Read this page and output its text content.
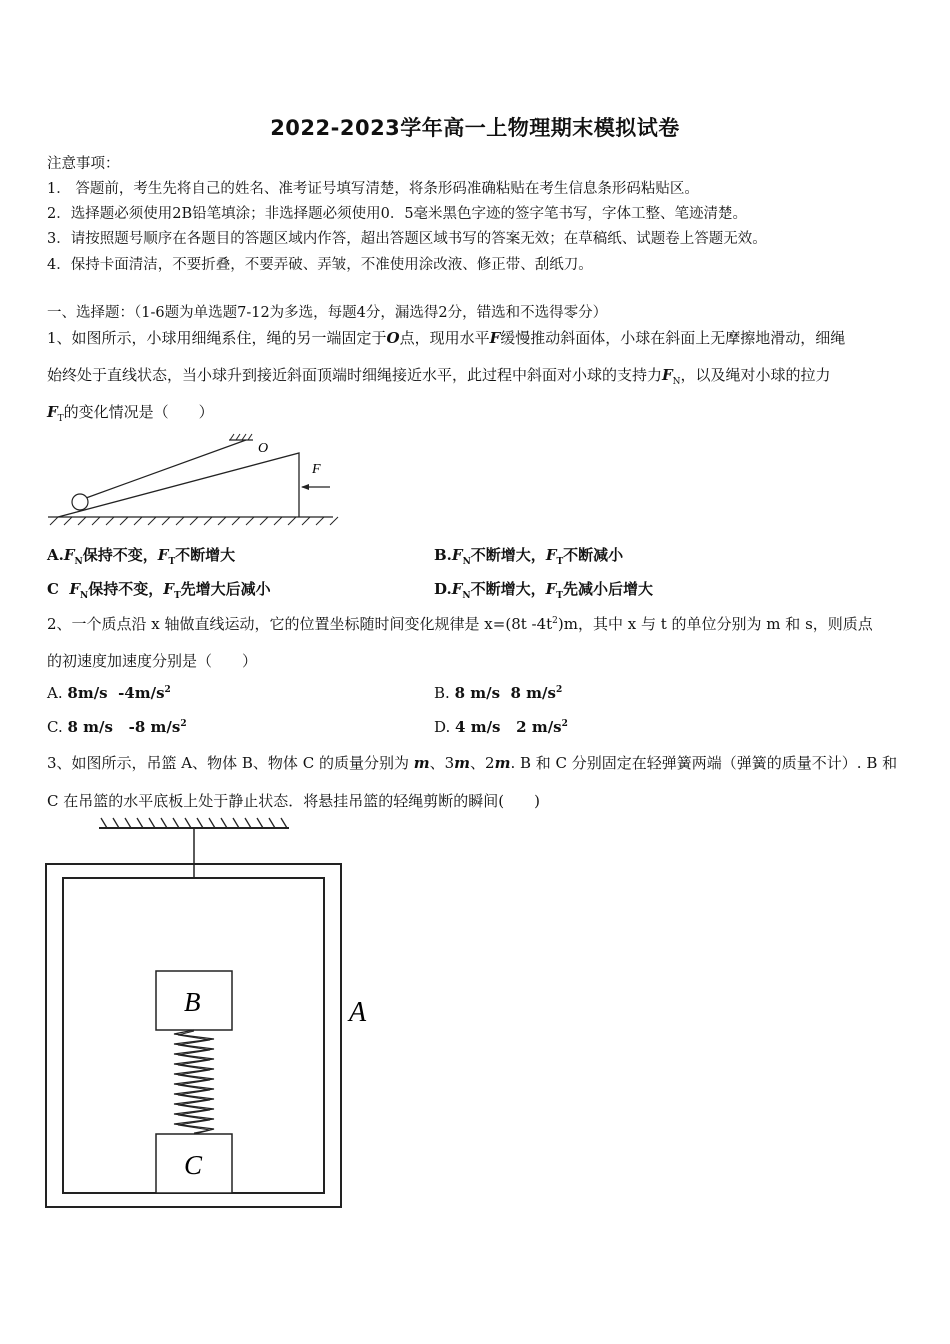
2022-2023学年高一上物理期末模拟试卷
注意事项：
1． 答题前，考生先将自己的姓名、准考证号填写清楚，将条形码准确粘贴在考生信息条形码粘贴区。
2．选择题必须使用2B铅笔填涂；非选择题必须使用0．5毫米黑色字迹的签字笔书写，字体工整、笔迹清楚。
3．请按照题号顺序在各题目的答题区域内作答，超出答题区域书写的答案无效；在草稿纸、试题卷上答题无效。
4．保持卡面清洁，不要折叠，不要弄破、弄皱，不准使用涂改液、修正带、刮纸刀。
一、选择题：（1-6题为单选题7-12为多选，每题4分，漏选得2分，错选和不选得零分）
1、如图所示，小球用细绳系住，绳的另一端固定于O点，现用水平F缓慢推动斜面体，小球在斜面上无摩擦地滑动，细绳
始终处于直线状态，当小球升到接近斜面顶端时细绳接近水平，此过程中斜面对小球的支持力$F_N$，以及绳对小球的拉力
$F_T$的变化情况是（　　）
O
F
$A.F_N$保持不变，$F_T$不断增大	$B.F_N$不断增大，$F_T$不断减小
C  $F_N$保持不变，$F_T$先增大后减小	$D.F_N$不断增大，$F_T$先减小后增大
2、一个质点沿 x 轴做直线运动，它的位置坐标随时间变化规律是 x=(8t $-4t^2)m$，其中 x 与 t 的单位分别为 m 和 s，则质点
的初速度加速度分别是（　　）
A. 8m/s  $-4m/s^2$	B. 8 m/s  8 $m/s^2$
C. 8 m/s   -8 $m/s^2$	D. 4 m/s   2 $m/s^2$
3、如图所示，吊篮 A、物体 B、物体 C 的质量分别为 m、3m、2m. B 和 C 分别固定在轻弹簧两端（弹簧的质量不计）. B 和
C 在吊篮的水平底板上处于静止状态．将悬挂吊篮的轻绳剪断的瞬间(　　)
A
B
C
